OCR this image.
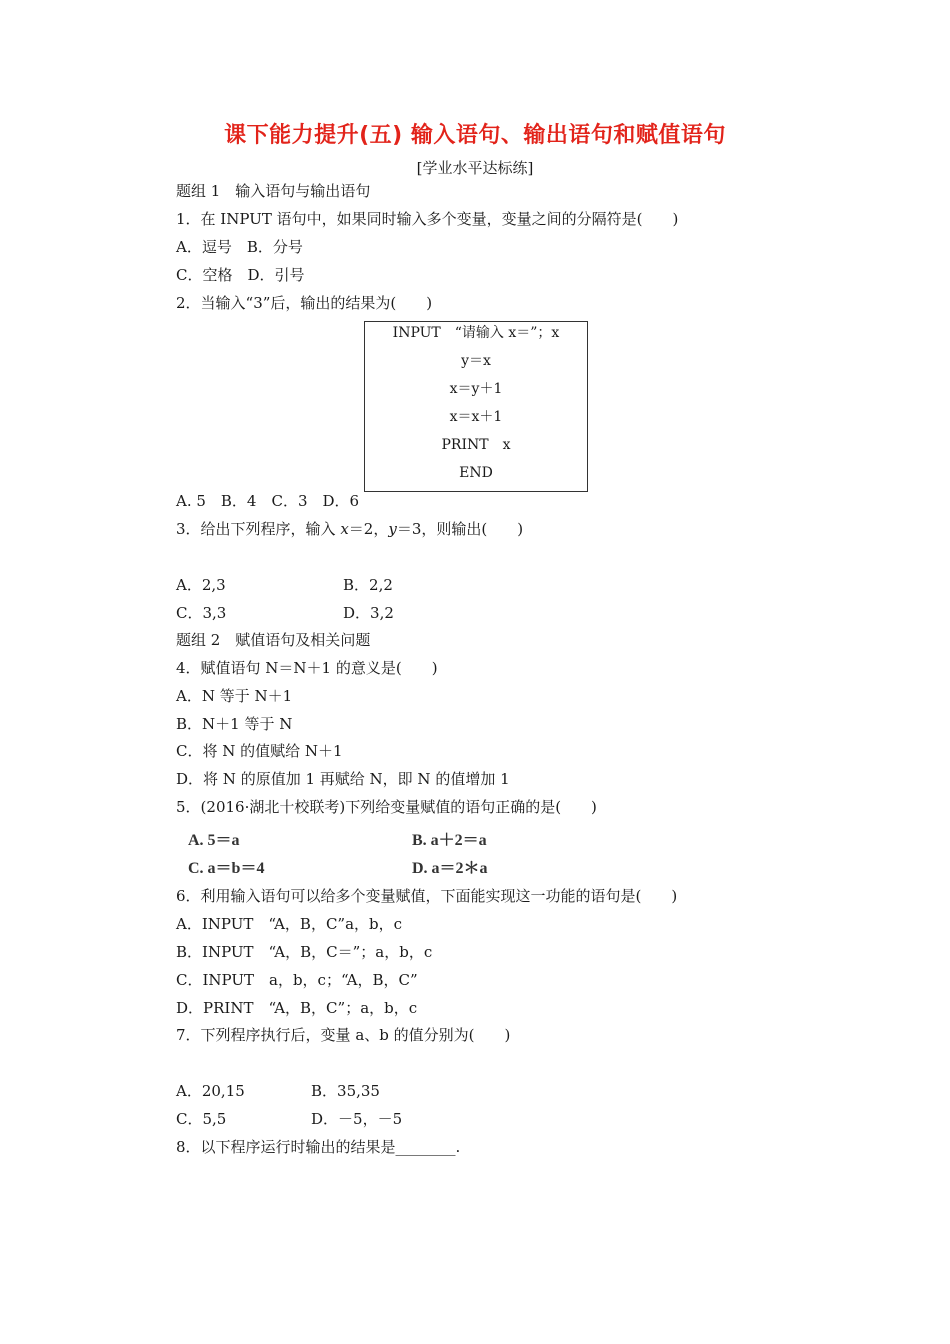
课下能力提升(五) 输入语句、输出语句和赋值语句
[学业水平达标练]
题组 1　输入语句与输出语句
1．在 INPUT 语句中，如果同时输入多个变量，变量之间的分隔符是(　　)
A．逗号　B．分号
C．空格　D．引号
2．当输入“3”后，输出的结果为(　　)
INPUT　“请输入 x＝”；x
y＝x
x＝y＋1
x＝x＋1
PRINT　x
END
A. 5　B．4　C．3　D．6
3．给出下列程序，输入 x＝2，y＝3，则输出(　　)
A．2,3	B．2,2
C．3,3	D．3,2
题组 2　赋值语句及相关问题
4．赋值语句 N＝N＋1 的意义是(　　)
A．N 等于 N＋1
B．N＋1 等于 N
C．将 N 的值赋给 N＋1
D．将 N 的原值加 1 再赋给 N，即 N 的值增加 1
5．(2016·湖北十校联考)下列给变量赋值的语句正确的是(　　)
A. 5＝a	B. a＋2＝a
C. a＝b＝4	D. a＝2＊a
6．利用输入语句可以给多个变量赋值，下面能实现这一功能的语句是(　　)
A．INPUT　“A，B，C”a，b，c
B．INPUT　“A，B，C＝”；a，b，c
C．INPUT　a，b，c；“A，B，C”
D．PRINT　“A，B，C”；a，b，c
7．下列程序执行后，变量 a、b 的值分别为(　　)
A．20,15	B．35,35
C．5,5	D．－5，－5
8．以下程序运行时输出的结果是________.
